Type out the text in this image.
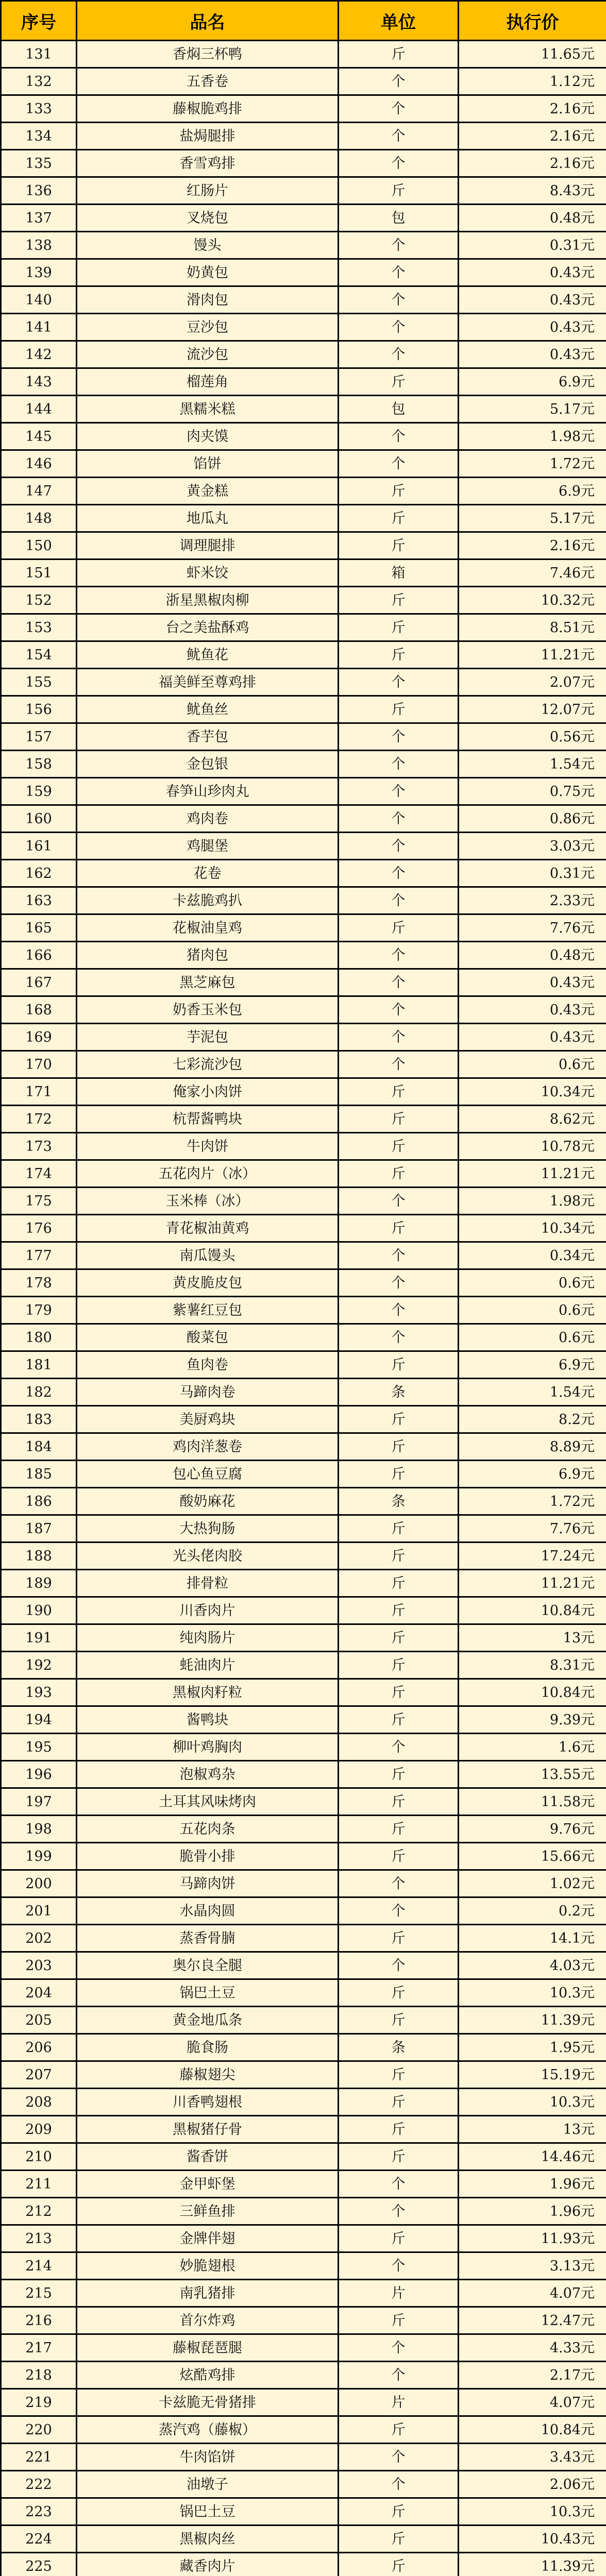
序号	品名	单位	执行价
131	香焖三杯鸭	斤	11.65元
132	五香卷	个	1.12元
133	藤椒脆鸡排	个	2.16元
134	盐焗腿排	个	2.16元
135	香雪鸡排	个	2.16元
136	红肠片	斤	8.43元
137	叉烧包	包	0.48元
138	馒头	个	0.31元
139	奶黄包	个	0.43元
140	滑肉包	个	0.43元
141	豆沙包	个	0.43元
142	流沙包	个	0.43元
143	榴莲角	斤	6.9元
144	黑糯米糕	包	5.17元
145	肉夹馍	个	1.98元
146	馅饼	个	1.72元
147	黄金糕	斤	6.9元
148	地瓜丸	斤	5.17元
150	调理腿排	斤	2.16元
151	虾米饺	箱	7.46元
152	浙星黑椒肉柳	斤	10.32元
153	台之美盐酥鸡	斤	8.51元
154	鱿鱼花	斤	11.21元
155	福美鲜至尊鸡排	个	2.07元
156	鱿鱼丝	斤	12.07元
157	香芋包	个	0.56元
158	金包银	个	1.54元
159	春笋山珍肉丸	个	0.75元
160	鸡肉卷	个	0.86元
161	鸡腿堡	个	3.03元
162	花卷	个	0.31元
163	卡兹脆鸡扒	个	2.33元
165	花椒油皇鸡	斤	7.76元
166	猪肉包	个	0.48元
167	黑芝麻包	个	0.43元
168	奶香玉米包	个	0.43元
169	芋泥包	个	0.43元
170	七彩流沙包	个	0.6元
171	俺家小肉饼	斤	10.34元
172	杭帮酱鸭块	斤	8.62元
173	牛肉饼	斤	10.78元
174	五花肉片（冰）	斤	11.21元
175	玉米棒（冰）	个	1.98元
176	青花椒油黄鸡	斤	10.34元
177	南瓜馒头	个	0.34元
178	黄皮脆皮包	个	0.6元
179	紫薯红豆包	个	0.6元
180	酸菜包	个	0.6元
181	鱼肉卷	斤	6.9元
182	马蹄肉卷	条	1.54元
183	美厨鸡块	斤	8.2元
184	鸡肉洋葱卷	斤	8.89元
185	包心鱼豆腐	斤	6.9元
186	酸奶麻花	条	1.72元
187	大热狗肠	斤	7.76元
188	光头佬肉胶	斤	17.24元
189	排骨粒	斤	11.21元
190	川香肉片	斤	10.84元
191	纯肉肠片	斤	13元
192	蚝油肉片	斤	8.31元
193	黑椒肉籽粒	斤	10.84元
194	酱鸭块	斤	9.39元
195	柳叶鸡胸肉	个	1.6元
196	泡椒鸡杂	斤	13.55元
197	土耳其风味烤肉	斤	11.58元
198	五花肉条	斤	9.76元
199	脆骨小排	斤	15.66元
200	马蹄肉饼	个	1.02元
201	水晶肉圆	个	0.2元
202	蒸香骨腩	斤	14.1元
203	奥尔良全腿	个	4.03元
204	锅巴土豆	斤	10.3元
205	黄金地瓜条	斤	11.39元
206	脆食肠	条	1.95元
207	藤椒翅尖	斤	15.19元
208	川香鸭翅根	斤	10.3元
209	黑椒猪仔骨	斤	13元
210	酱香饼	斤	14.46元
211	金甲虾堡	个	1.96元
212	三鲜鱼排	个	1.96元
213	金牌伴翅	斤	11.93元
214	妙脆翅根	个	3.13元
215	南乳猪排	片	4.07元
216	首尔炸鸡	斤	12.47元
217	藤椒琵琶腿	个	4.33元
218	炫酷鸡排	个	2.17元
219	卡兹脆无骨猪排	片	4.07元
220	蒸汽鸡（藤椒）	斤	10.84元
221	牛肉馅饼	个	3.43元
222	油墩子	个	2.06元
223	锅巴土豆	斤	10.3元
224	黑椒肉丝	斤	10.43元
225	藏香肉片	斤	11.39元
